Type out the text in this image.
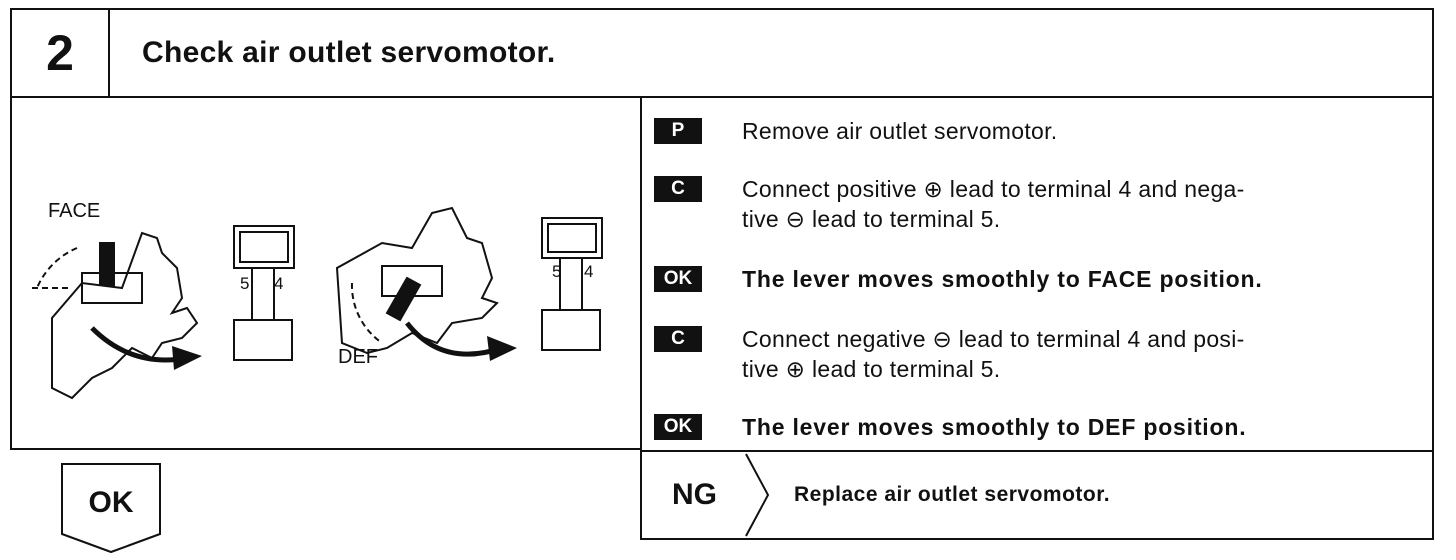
2	Check air outlet servomotor.
FACE
DEF
5 4
5 4
P	Remove air outlet servomotor.
C	Connect positive ⊕ lead to terminal 4 and nega-
tive ⊖ lead to terminal 5.
OK	The lever moves smoothly to FACE position.
C	Connect negative ⊖ lead to terminal 4 and posi-
tive ⊕ lead to terminal 5.
OK	The lever moves smoothly to DEF position.
OK	NG	Replace air outlet servomotor.
